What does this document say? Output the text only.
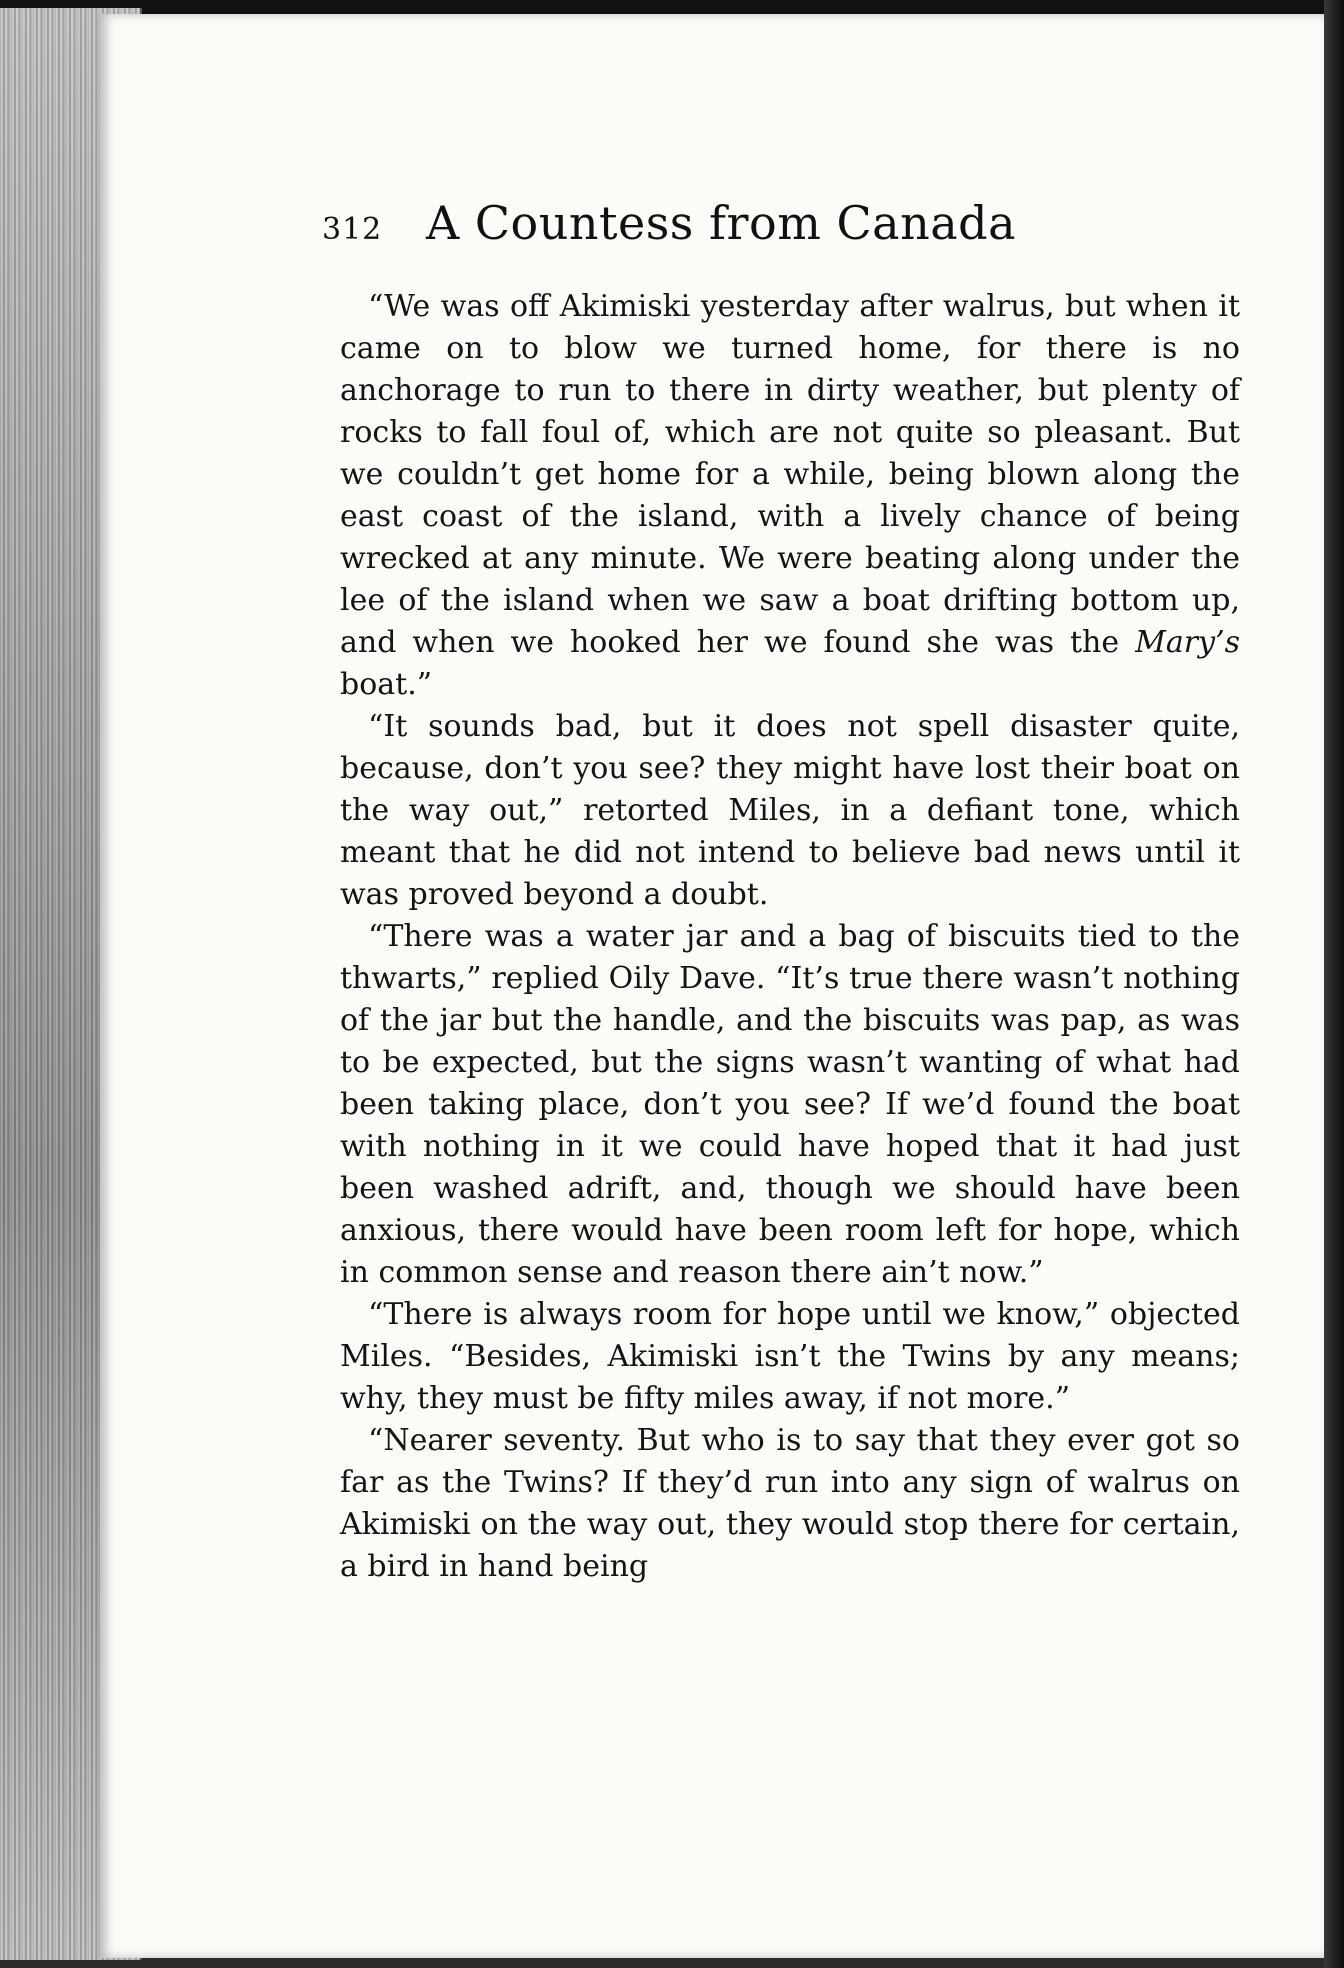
312 A Countess from Canada

“We was off Akimiski yesterday after walrus, but when it came on to blow we turned home, for there is no anchorage to run to there in dirty weather, but plenty of rocks to fall foul of, which are not quite so pleasant. But we couldn’t get home for a while, being blown along the east coast of the island, with a lively chance of being wrecked at any minute. We were beating along under the lee of the island when we saw a boat drifting bottom up, and when we hooked her we found she was the Mary’s boat.”

“It sounds bad, but it does not spell disaster quite, because, don’t you see? they might have lost their boat on the way out,” retorted Miles, in a defiant tone, which meant that he did not intend to believe bad news until it was proved beyond a doubt.

“There was a water jar and a bag of biscuits tied to the thwarts,” replied Oily Dave. “It’s true there wasn’t nothing of the jar but the handle, and the biscuits was pap, as was to be expected, but the signs wasn’t wanting of what had been taking place, don’t you see? If we’d found the boat with nothing in it we could have hoped that it had just been washed adrift, and, though we should have been anxious, there would have been room left for hope, which in common sense and reason there ain’t now.”

“There is always room for hope until we know,” objected Miles. “Besides, Akimiski isn’t the Twins by any means; why, they must be fifty miles away, if not more.”

“Nearer seventy. But who is to say that they ever got so far as the Twins? If they’d run into any sign of walrus on Akimiski on the way out, they would stop there for certain, a bird in hand being
